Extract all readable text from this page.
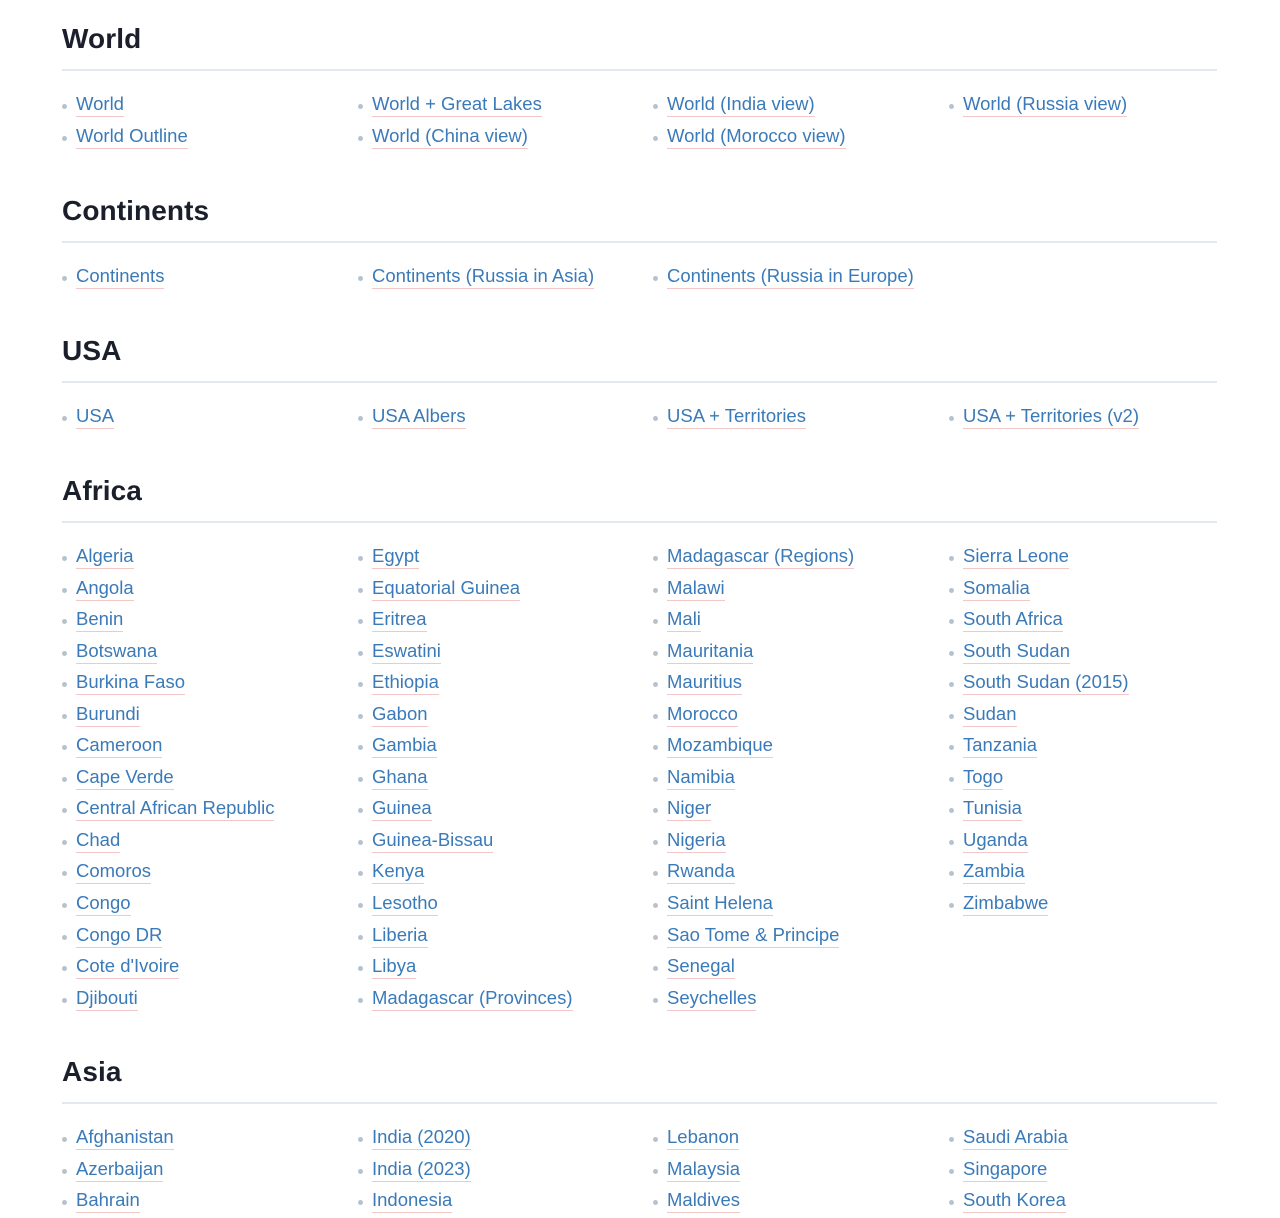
World
World
World Outline
World + Great Lakes
World (China view)
World (India view)
World (Morocco view)
World (Russia view)
Continents
Continents	Continents (Russia in Asia)	Continents (Russia in Europe)
USA
USA	USA Albers	USA + Territories	USA + Territories (v2)
Africa
Algeria
Angola
Benin
Botswana
Burkina Faso
Burundi
Cameroon
Cape Verde
Central African Republic
Chad
Comoros
Congo
Congo DR
Cote d'Ivoire
Djibouti
Egypt
Equatorial Guinea
Eritrea
Eswatini
Ethiopia
Gabon
Gambia
Ghana
Guinea
Guinea-Bissau
Kenya
Lesotho
Liberia
Libya
Madagascar (Provinces)
Madagascar (Regions)
Malawi
Mali
Mauritania
Mauritius
Morocco
Mozambique
Namibia
Niger
Nigeria
Rwanda
Saint Helena
Sao Tome & Principe
Senegal
Seychelles
Sierra Leone
Somalia
South Africa
South Sudan
South Sudan (2015)
Sudan
Tanzania
Togo
Tunisia
Uganda
Zambia
Zimbabwe
Asia
Afghanistan
Azerbaijan
Bahrain
India (2020)
India (2023)
Indonesia
Lebanon
Malaysia
Maldives
Saudi Arabia
Singapore
South Korea
